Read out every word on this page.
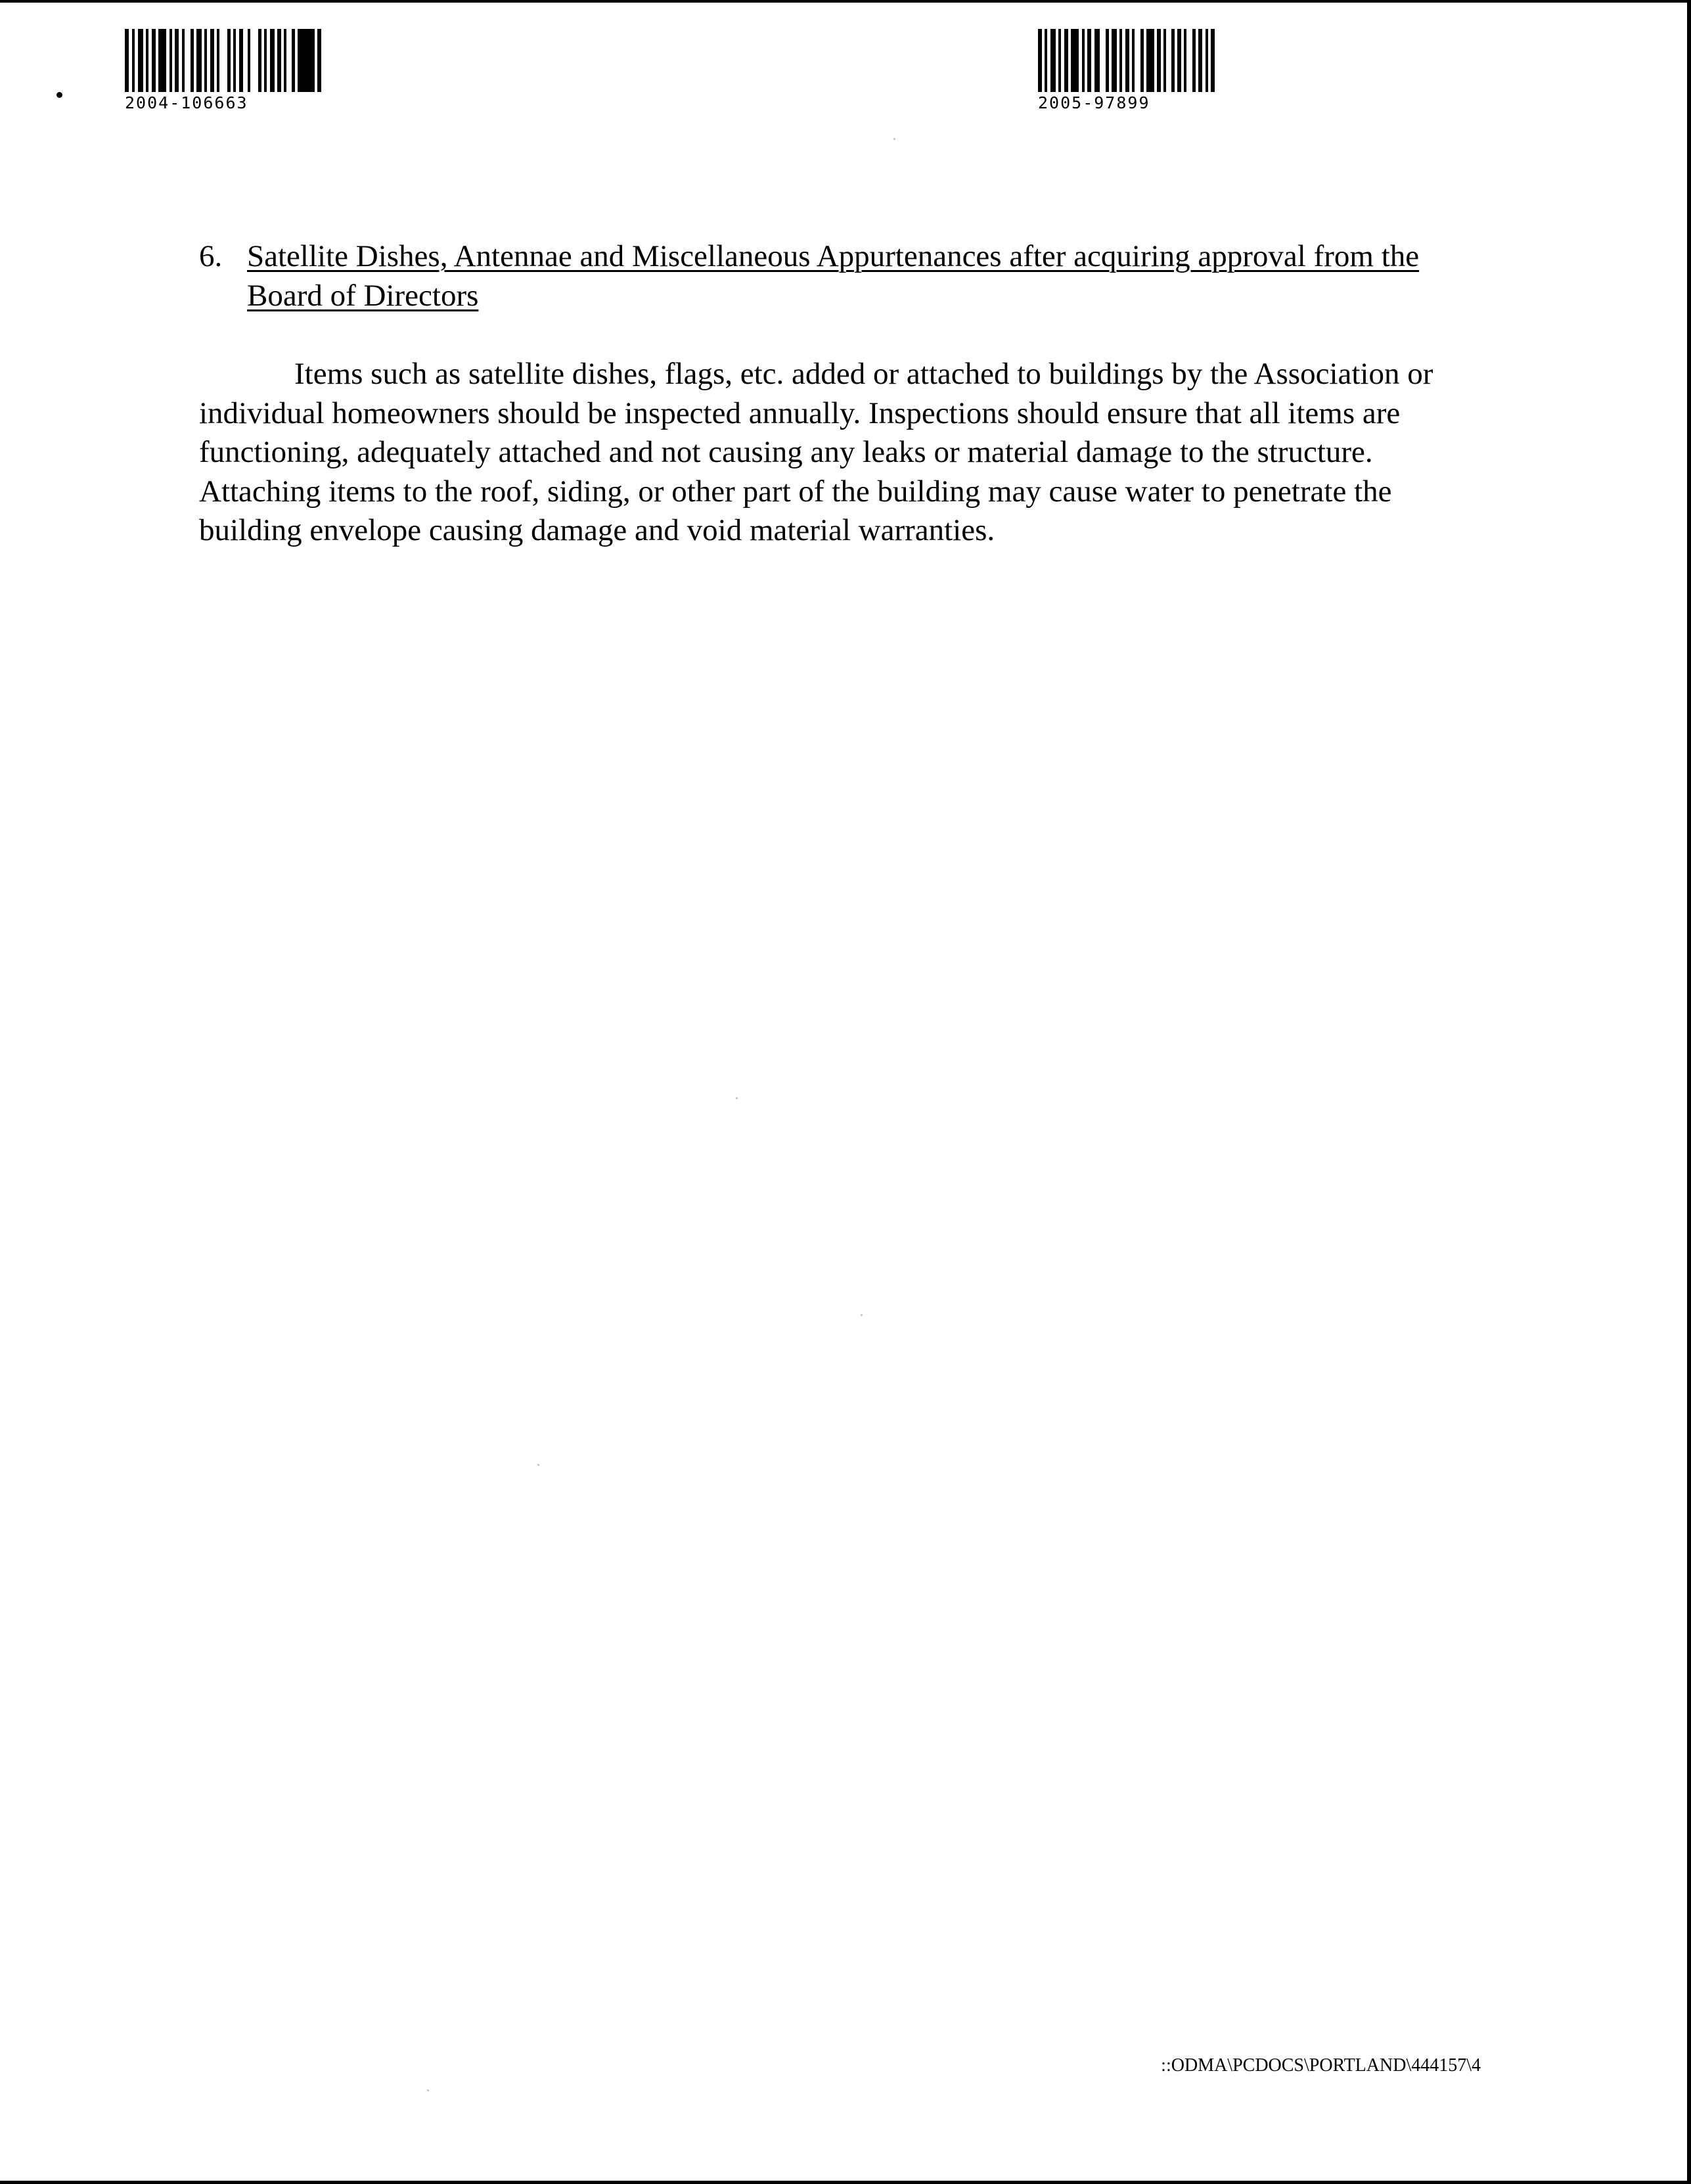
2004-106663	2005-97899
6. Satellite Dishes, Antennae and Miscellaneous Appurtenances after acquiring approval from the Board of Directors

Items such as satellite dishes, flags, etc. added or attached to buildings by the Association or individual homeowners should be inspected annually. Inspections should ensure that all items are functioning, adequately attached and not causing any leaks or material damage to the structure. Attaching items to the roof, siding, or other part of the building may cause water to penetrate the building envelope causing damage and void material warranties.

::ODMA\PCDOCS\PORTLAND\444157\4
